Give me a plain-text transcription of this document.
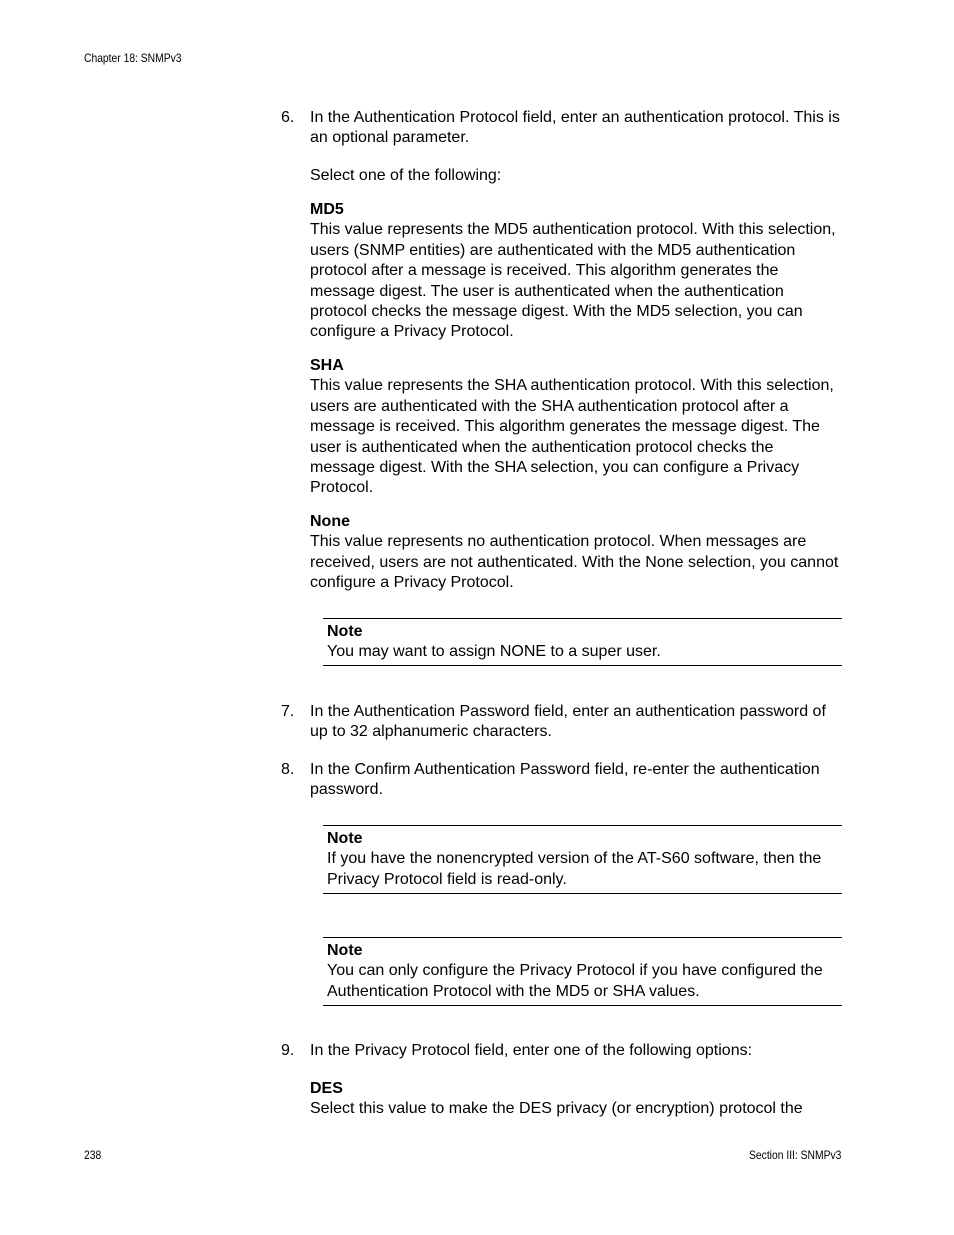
Chapter 18: SNMPv3
6. In the Authentication Protocol field, enter an authentication protocol. This is an optional parameter.
Select one of the following:
MD5
This value represents the MD5 authentication protocol. With this selection, users (SNMP entities) are authenticated with the MD5 authentication protocol after a message is received. This algorithm generates the message digest. The user is authenticated when the authentication protocol checks the message digest. With the MD5 selection, you can configure a Privacy Protocol.
SHA
This value represents the SHA authentication protocol. With this selection, users are authenticated with the SHA authentication protocol after a message is received. This algorithm generates the message digest. The user is authenticated when the authentication protocol checks the message digest. With the SHA selection, you can configure a Privacy Protocol.
None
This value represents no authentication protocol. When messages are received, users are not authenticated. With the None selection, you cannot configure a Privacy Protocol.
Note
You may want to assign NONE to a super user.
7. In the Authentication Password field, enter an authentication password of up to 32 alphanumeric characters.
8. In the Confirm Authentication Password field, re-enter the authentication password.
Note
If you have the nonencrypted version of the AT-S60 software, then the Privacy Protocol field is read-only.
Note
You can only configure the Privacy Protocol if you have configured the Authentication Protocol with the MD5 or SHA values.
9. In the Privacy Protocol field, enter one of the following options:
DES
Select this value to make the DES privacy (or encryption) protocol the
238	Section III: SNMPv3
